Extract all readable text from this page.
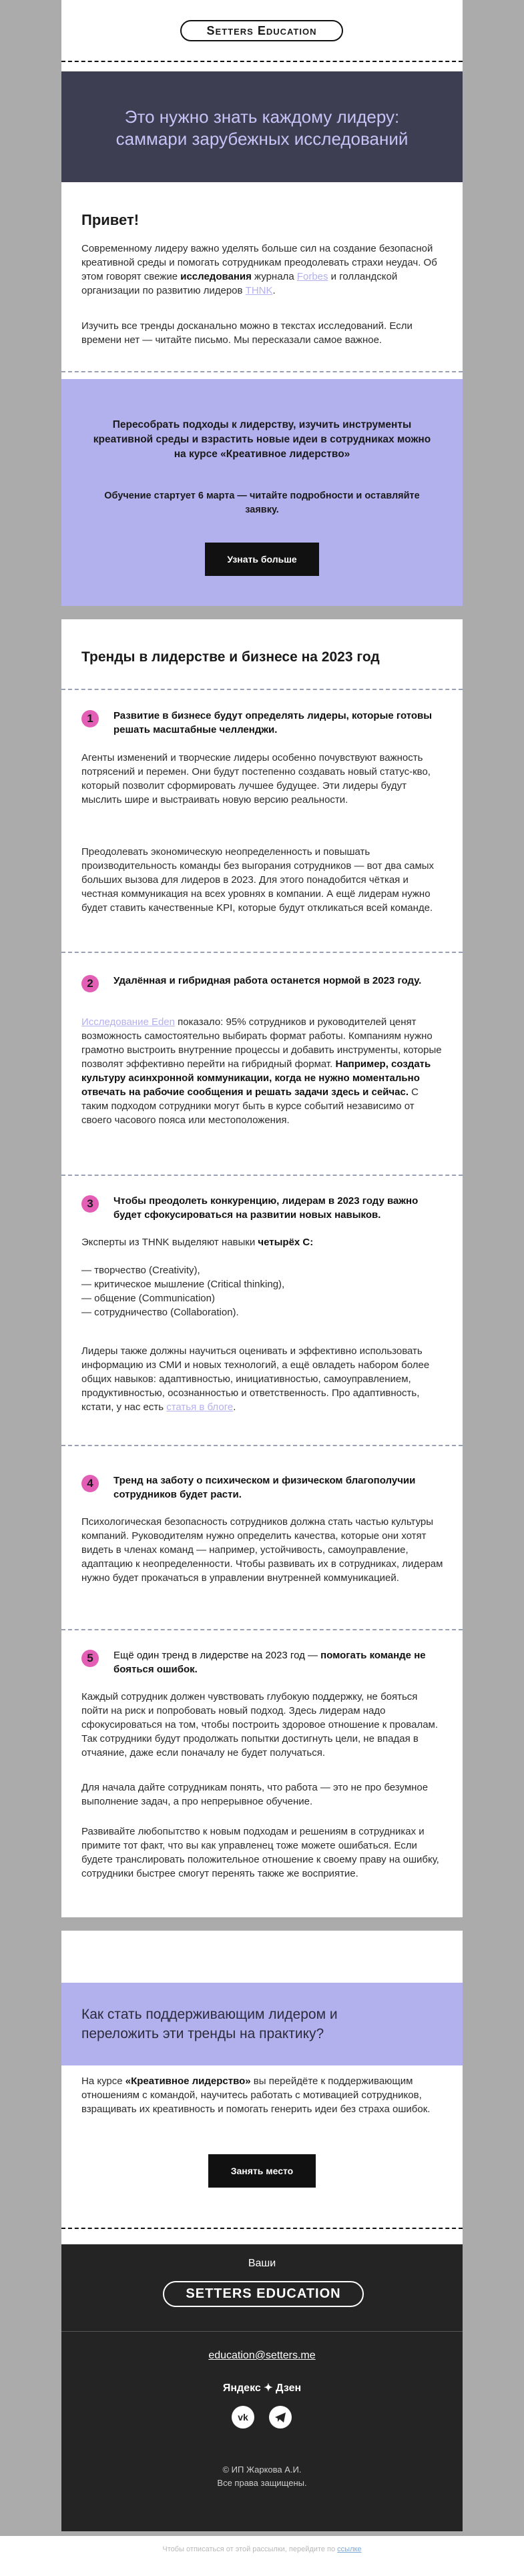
Setters Education
Это нужно знать каждому лидеру: саммари зарубежных исследований
Привет!

Современному лидеру важно уделять больше сил на создание безопасной креативной среды и помогать сотрудникам преодолевать страхи неудач. Об этом говорят свежие исследования журнала Forbes и голландской организации по развитию лидеров THNK.

Изучить все тренды досканально можно в текстах исследований. Если времени нет — читайте письмо. Мы пересказали самое важное.

Пересобрать подходы к лидерству, изучить инструменты креативной среды и взрастить новые идеи в сотрудниках можно на курсе «Креативное лидерство»

Обучение стартует 6 марта — читайте подробности и оставляйте заявку.

Узнать больше
Тренды в лидерстве и бизнесе на 2023 год
1	Развитие в бизнесе будут определять лидеры, которые готовы решать масштабные челленджи.

Агенты изменений и творческие лидеры особенно почувствуют важность потрясений и перемен. Они будут постепенно создавать новый статус-кво, который позволит сформировать лучшее будущее. Эти лидеры будут мыслить шире и выстраивать новую версию реальности.

Преодолевать экономическую неопределенность и повышать производительность команды без выгорания сотрудников — вот два самых больших вызова для лидеров в 2023. Для этого понадобится чёткая и честная коммуникация на всех уровнях в компании. А ещё лидерам нужно будет ставить качественные KPI, которые будут откликаться всей команде.

2	Удалённая и гибридная работа останется нормой в 2023 году.

Исследование Eden показало: 95% сотрудников и руководителей ценят возможность самостоятельно выбирать формат работы. Компаниям нужно грамотно выстроить внутренние процессы и добавить инструменты, которые позволят эффективно перейти на гибридный формат. Например, создать культуру асинхронной коммуникации, когда не нужно моментально отвечать на рабочие сообщения и решать задачи здесь и сейчас. С таким подходом сотрудники могут быть в курсе событий независимо от своего часового пояса или местоположения.

3	Чтобы преодолеть конкуренцию, лидерам в 2023 году важно будет сфокусироваться на развитии новых навыков.

Эксперты из THNK выделяют навыки четырёх С:

— творчество (Creativity),

— критическое мышление (Critical thinking),

— общение (Communication)

— сотрудничество (Collaboration).

Лидеры также должны научиться оценивать и эффективно использовать информацию из СМИ и новых технологий, а ещё овладеть набором более общих навыков: адаптивностью, инициативностью, самоуправлением, продуктивностью, осознанностью и ответственность. Про адаптивность, кстати, у нас есть статья в блоге.

4	Тренд на заботу о психическом и физическом благополучии сотрудников будет расти.

Психологическая безопасность сотрудников должна стать частью культуры компаний. Руководителям нужно определить качества, которые они хотят видеть в членах команд — например, устойчивость, самоуправление, адаптацию к неопределенности. Чтобы развивать их в сотрудниках, лидерам нужно будет прокачаться в управлении внутренней коммуникацией.

5	Ещё один тренд в лидерстве на 2023 год — помогать команде не бояться ошибок.

Каждый сотрудник должен чувствовать глубокую поддержку, не бояться пойти на риск и попробовать новый подход. Здесь лидерам надо сфокусироваться на том, чтобы построить здоровое отношение к провалам. Так сотрудники будут продолжать попытки достигнуть цели, не впадая в отчаяние, даже если поначалу не будет получаться.

Для начала дайте сотрудникам понять, что работа — это не про безумное выполнение задач, а про непрерывное обучение.

Развивайте любопытство к новым подходам и решениям в сотрудниках и примите тот факт, что вы как управленец тоже можете ошибаться. Если будете транслировать положительное отношение к своему праву на ошибку, сотрудники быстрее смогут перенять также же восприятие.

Как стать поддерживающим лидером и переложить эти тренды на практику?

На курсе «Креативное лидерство» вы перейдёте к поддерживающим отношениям с командой, научитесь работать с мотивацией сотрудников, взращивать их креативность и помогать генерить идеи без страха ошибок.

Занять место
Ваши
SETTERS EDUCATION
education@setters.me
Яндекс ✦ Дзен
vk
© ИП Жаркова А.И.
Все права защищены.

Чтобы отписаться от этой рассылки, перейдите по ссылке
